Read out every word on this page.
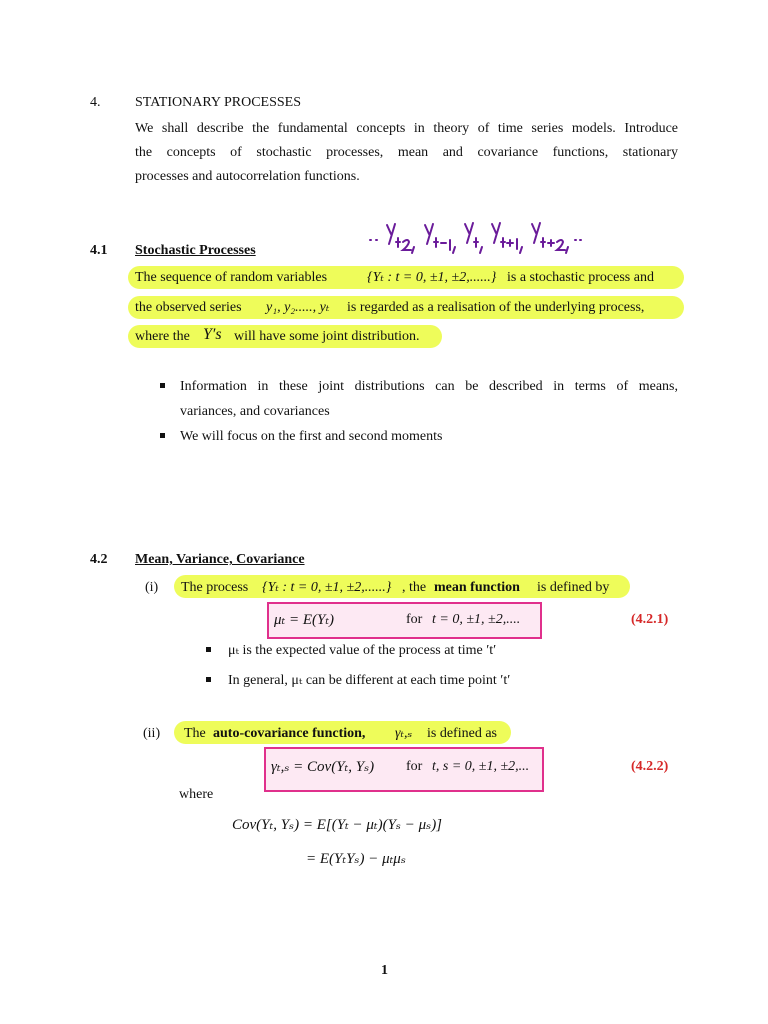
4. STATIONARY PROCESSES
We shall describe the fundamental concepts in theory of time series models. Introduce
the concepts of stochastic processes, mean and covariance functions, stationary
processes and autocorrelation functions.
4.1 Stochastic Processes
The sequence of random variables	{Yₜ : t = 0, ±1, ±2,......} is a stochastic process and
the observed series y₁, y₂....., yₜ is regarded as a realisation of the underlying process,
where the Y′s will have some joint distribution.
Information in these joint distributions can be described in terms of means,
variances, and covariances
We will focus on the first and second moments
4.2 Mean, Variance, Covariance
(i) The process {Yₜ : t = 0, ±1, ±2,......} , the mean function is defined by
μₜ = E(Yₜ)	for t = 0, ±1, ±2,....	(4.2.1)
μₜ is the expected value of the process at time ′t′
In general, μₜ can be different at each time point ′t′
(ii) The auto-covariance function, γₜ,ₛ is defined as
γₜ,ₛ = Cov(Yₜ, Yₛ) for t, s = 0, ±1, ±2,...	(4.2.2)
where
Cov(Yₜ, Yₛ) = E[(Yₜ − μₜ)(Yₛ − μₛ)]
= E(YₜYₛ) − μₜμₛ
1
